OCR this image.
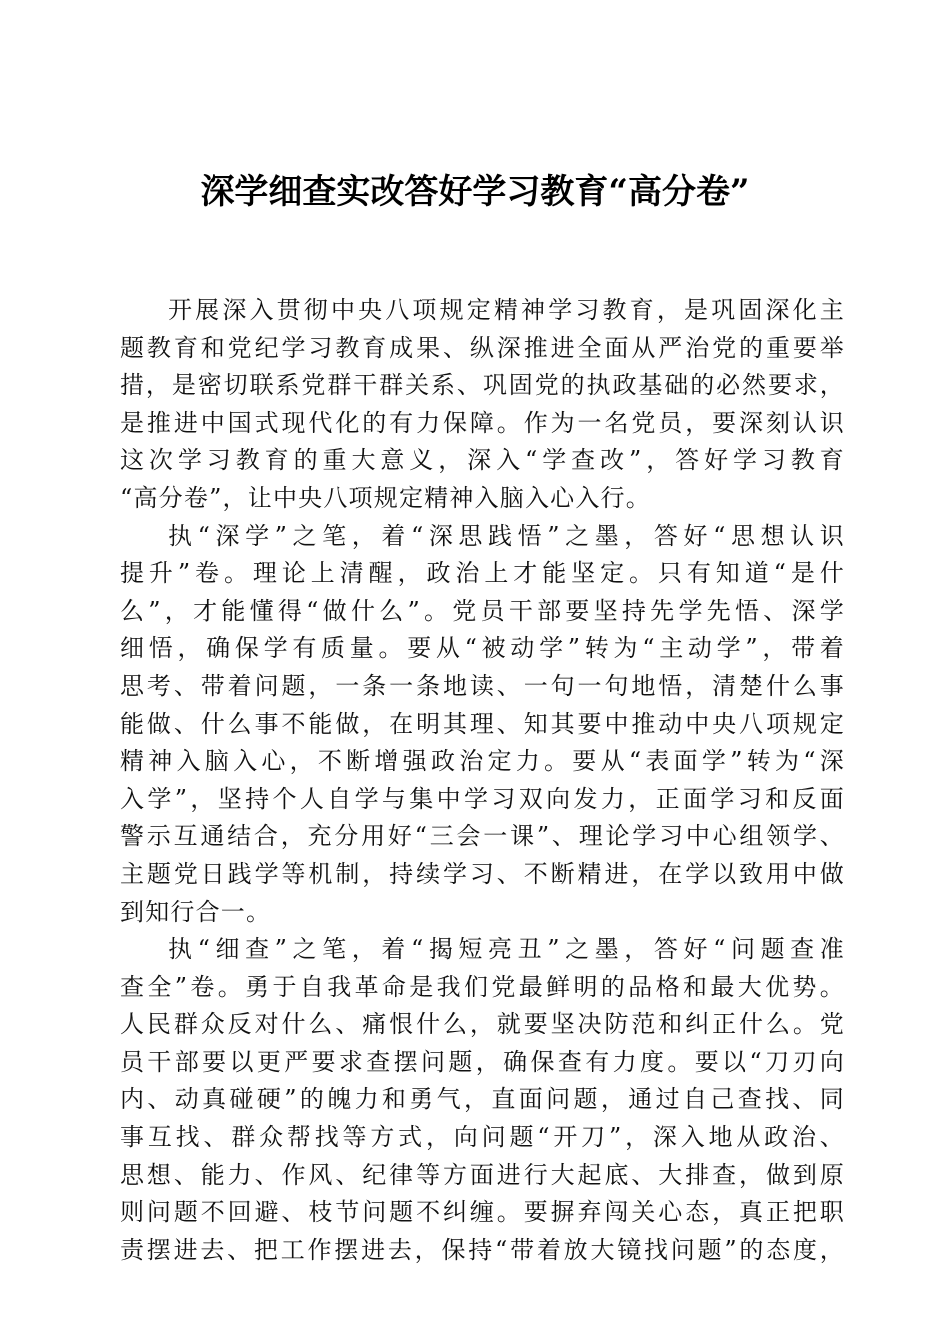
深学细查实改答好学习教育“高分卷”
开展深入贯彻中央八项规定精神学习教育，是巩固深化主
题教育和党纪学习教育成果、纵深推进全面从严治党的重要举
措，是密切联系党群干群关系、巩固党的执政基础的必然要求，
是推进中国式现代化的有力保障。作为一名党员，要深刻认识
这次学习教育的重大意义，深入“学查改”，答好学习教育
“高分卷”，让中央八项规定精神入脑入心入行。
执“深学”之笔，着“深思践悟”之墨，答好“思想认识
提升”卷。理论上清醒，政治上才能坚定。只有知道“是什
么”，才能懂得“做什么”。党员干部要坚持先学先悟、深学
细悟，确保学有质量。要从“被动学”转为“主动学”，带着
思考、带着问题，一条一条地读、一句一句地悟，清楚什么事
能做、什么事不能做，在明其理、知其要中推动中央八项规定
精神入脑入心，不断增强政治定力。要从“表面学”转为“深
入学”，坚持个人自学与集中学习双向发力，正面学习和反面
警示互通结合，充分用好“三会一课”、理论学习中心组领学、
主题党日践学等机制，持续学习、不断精进，在学以致用中做
到知行合一。
执“细查”之笔，着“揭短亮丑”之墨，答好“问题查准
查全”卷。勇于自我革命是我们党最鲜明的品格和最大优势。
人民群众反对什么、痛恨什么，就要坚决防范和纠正什么。党
员干部要以更严要求查摆问题，确保查有力度。要以“刀刃向
内、动真碰硬”的魄力和勇气，直面问题，通过自己查找、同
事互找、群众帮找等方式，向问题“开刀”，深入地从政治、
思想、能力、作风、纪律等方面进行大起底、大排查，做到原
则问题不回避、枝节问题不纠缠。要摒弃闯关心态，真正把职
责摆进去、把工作摆进去，保持“带着放大镜找问题”的态度，
